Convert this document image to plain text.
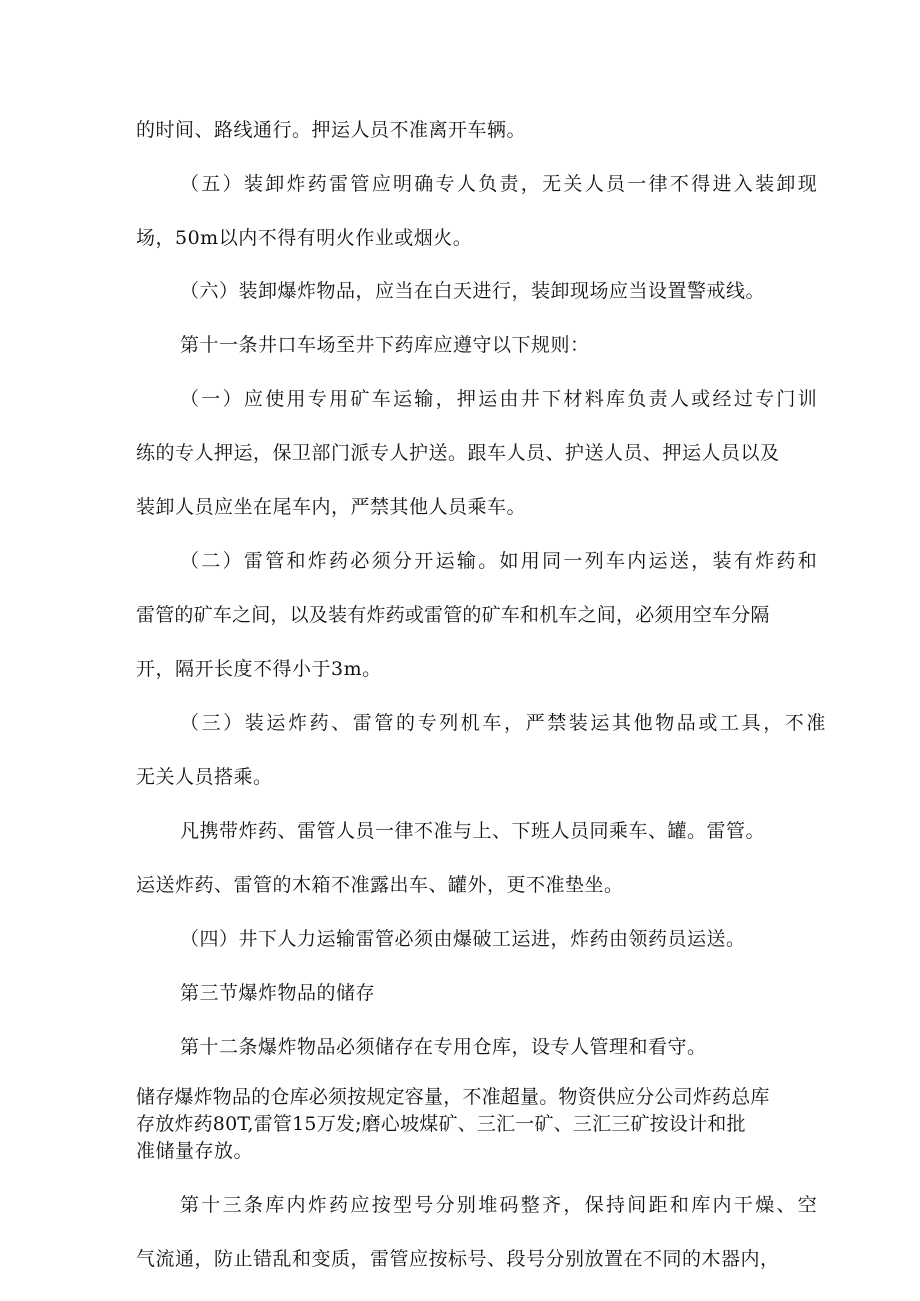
的时间、路线通行。押运人员不准离开车辆。
（五）装卸炸药雷管应明确专人负责，无关人员一律不得进入装卸现
场，50m以内不得有明火作业或烟火。
（六）装卸爆炸物品，应当在白天进行，装卸现场应当设置警戒线。
第十一条井口车场至井下药库应遵守以下规则：
（一）应使用专用矿车运输，押运由井下材料库负责人或经过专门训
练的专人押运，保卫部门派专人护送。跟车人员、护送人员、押运人员以及
装卸人员应坐在尾车内，严禁其他人员乘车。
（二）雷管和炸药必须分开运输。如用同一列车内运送，装有炸药和
雷管的矿车之间，以及装有炸药或雷管的矿车和机车之间，必须用空车分隔
开，隔开长度不得小于3m。
（三）装运炸药、雷管的专列机车，严禁装运其他物品或工具，不准
无关人员搭乘。
凡携带炸药、雷管人员一律不准与上、下班人员同乘车、罐。雷管。
运送炸药、雷管的木箱不准露出车、罐外，更不准垫坐。
（四）井下人力运输雷管必须由爆破工运进，炸药由领药员运送。
第三节爆炸物品的储存
第十二条爆炸物品必须储存在专用仓库，设专人管理和看守。
储存爆炸物品的仓库必须按规定容量，不准超量。物资供应分公司炸药总库
存放炸药80T,雷管15万发;磨心坡煤矿、三汇一矿、三汇三矿按设计和批
准储量存放。
第十三条库内炸药应按型号分别堆码整齐，保持间距和库内干燥、空
气流通，防止错乱和变质，雷管应按标号、段号分别放置在不同的木器内，
